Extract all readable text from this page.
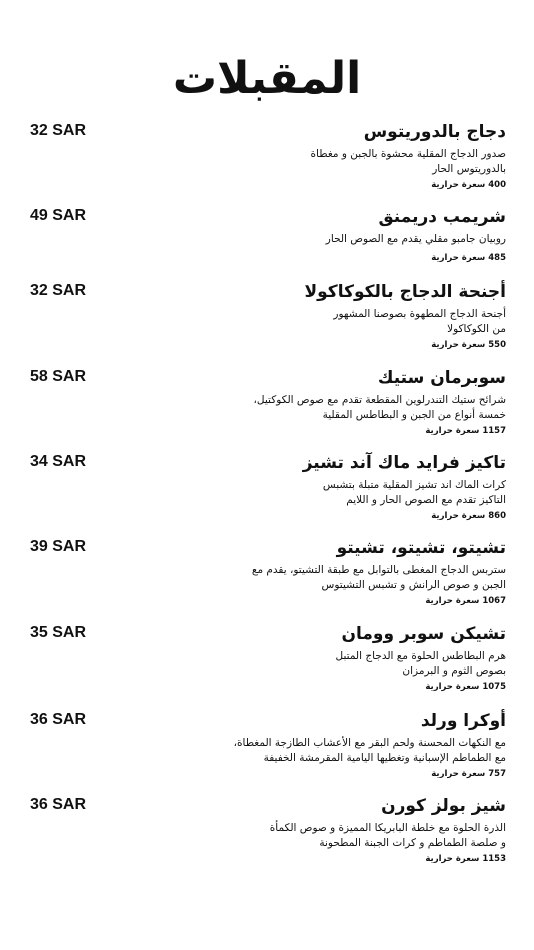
المقبلات
32 SAR	دجاج بالدوريتوس
صدور الدجاج المقلية محشوة بالجبن و مغطاة
بالدوريتوس الحار
400 سعرة حرارية
49 SAR	شريمب دريمنق
روبيان جامبو مقلي يقدم مع الصوص الحار
485 سعرة حرارية
32 SAR	أجنحة الدجاج بالكوكاكولا
أجنحة الدجاج المطهوة بصوصنا المشهور
من الكوكاكولا
550 سعرة حرارية
58 SAR	سوبرمان ستيك
شرائح ستيك التندرلوين المقطعة تقدم مع صوص الكوكتيل،
خمسة أنواع من الجبن و البطاطس المقلية
1157 سعرة حرارية
34 SAR	تاكيز فرايد ماك آند تشيز
كرات الماك اند تشيز المقلية متبلة بتشبس
التاكيز تقدم مع الصوص الحار و اللايم
860 سعرة حرارية
39 SAR	تشيتو، تشيتو، تشيتو
ستربس الدجاج المغطى بالتوابل مع طبقة التشيتو، يقدم مع
الجبن و صوص الرانش و تشبس التشيتوس
1067 سعرة حرارية
35 SAR	تشيكن سوبر وومان
هرم البطاطس الحلوة مع الدجاج المتبل
بصوص الثوم و البرمزان
1075 سعرة حرارية
36 SAR	أوكرا ورلد
مع النكهات المحسنة ولحم البقر مع الأعشاب الطازجة المغطاة،
مع الطماطم الإسبانية وتغطيها اليامية المقرمشة الخفيفة
757 سعرة حرارية
36 SAR	شيز بولز كورن
الذرة الحلوة مع خلطة البابريكا المميزة و صوص الكمأة
و صلصة الطماطم و كرات الجبنة المطحونة
1153 سعرة حرارية
